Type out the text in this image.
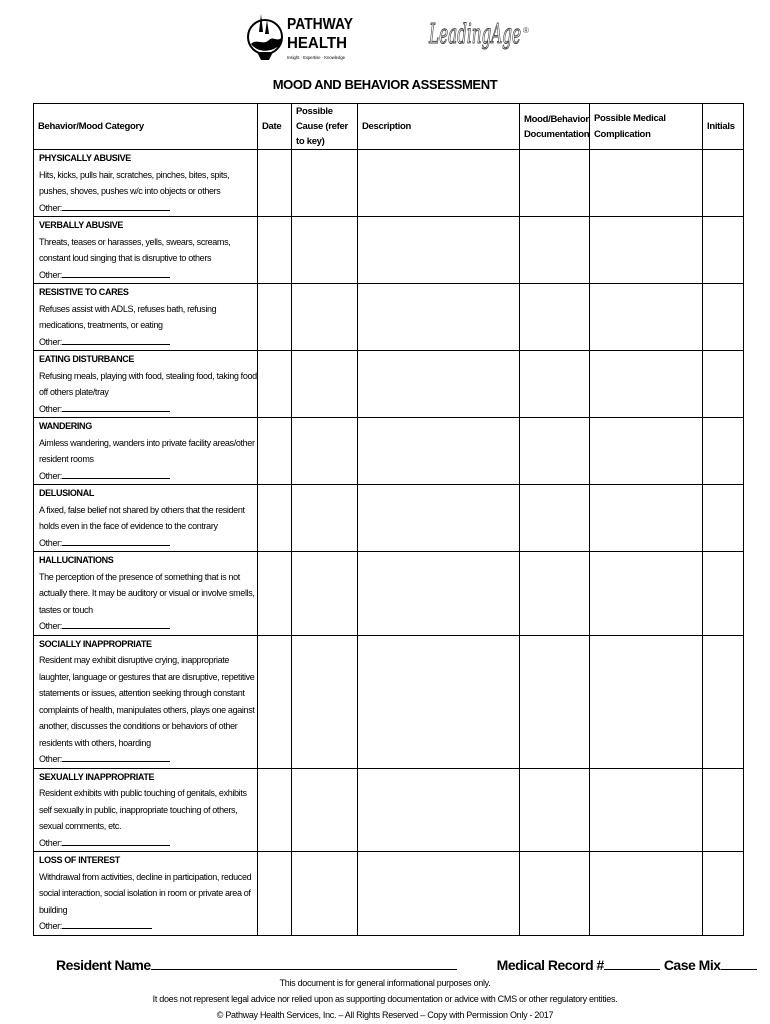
PATHWAY
HEALTH
Insight · Expertise · Knowledge
LeadingAge ®
MOOD AND BEHAVIOR ASSESSMENT
Behavior/Mood Category	Date	Possible Cause (refer to key)	Description	Mood/Behavior Documentation	Possible Medical Complication	Initials

PHYSICALLY ABUSIVE
Hits, kicks, pulls hair, scratches, pinches, bites, spits, pushes, shoves, pushes w/c into objects or others
Other:						

VERBALLY ABUSIVE
Threats, teases or harasses, yells, swears, screams, constant loud singing that is disruptive to others
Other:						

RESISTIVE TO CARES
Refuses assist with ADLS, refuses bath, refusing medications, treatments, or eating
Other:						

EATING DISTURBANCE
Refusing meals, playing with food, stealing food, taking food off others plate/tray
Other:						

WANDERING
Aimless wandering, wanders into private facility areas/other resident rooms
Other:						

DELUSIONAL
A fixed, false belief not shared by others that the resident holds even in the face of evidence to the contrary
Other:						

HALLUCINATIONS
The perception of the presence of something that is not actually there. It may be auditory or visual or involve smells, tastes or touch
Other:						

SOCIALLY INAPPROPRIATE
Resident may exhibit disruptive crying, inappropriate laughter, language or gestures that are disruptive, repetitive statements or issues, attention seeking through constant complaints of health, manipulates others, plays one against another, discusses the conditions or behaviors of other residents with others, hoarding
Other:						

SEXUALLY INAPPROPRIATE
Resident exhibits with public touching of genitals, exhibits self sexually in public, inappropriate touching of others, sexual comments, etc.
Other:						

LOSS OF INTEREST
Withdrawal from activities, decline in participation, reduced social interaction, social isolation in room or private area of building
Other:						

Resident Name	Medical Record #	Case Mix
This document is for general informational purposes only.
It does not represent legal advice nor relied upon as supporting documentation or advice with CMS or other regulatory entities.
© Pathway Health Services, Inc. – All Rights Reserved – Copy with Permission Only - 2017
